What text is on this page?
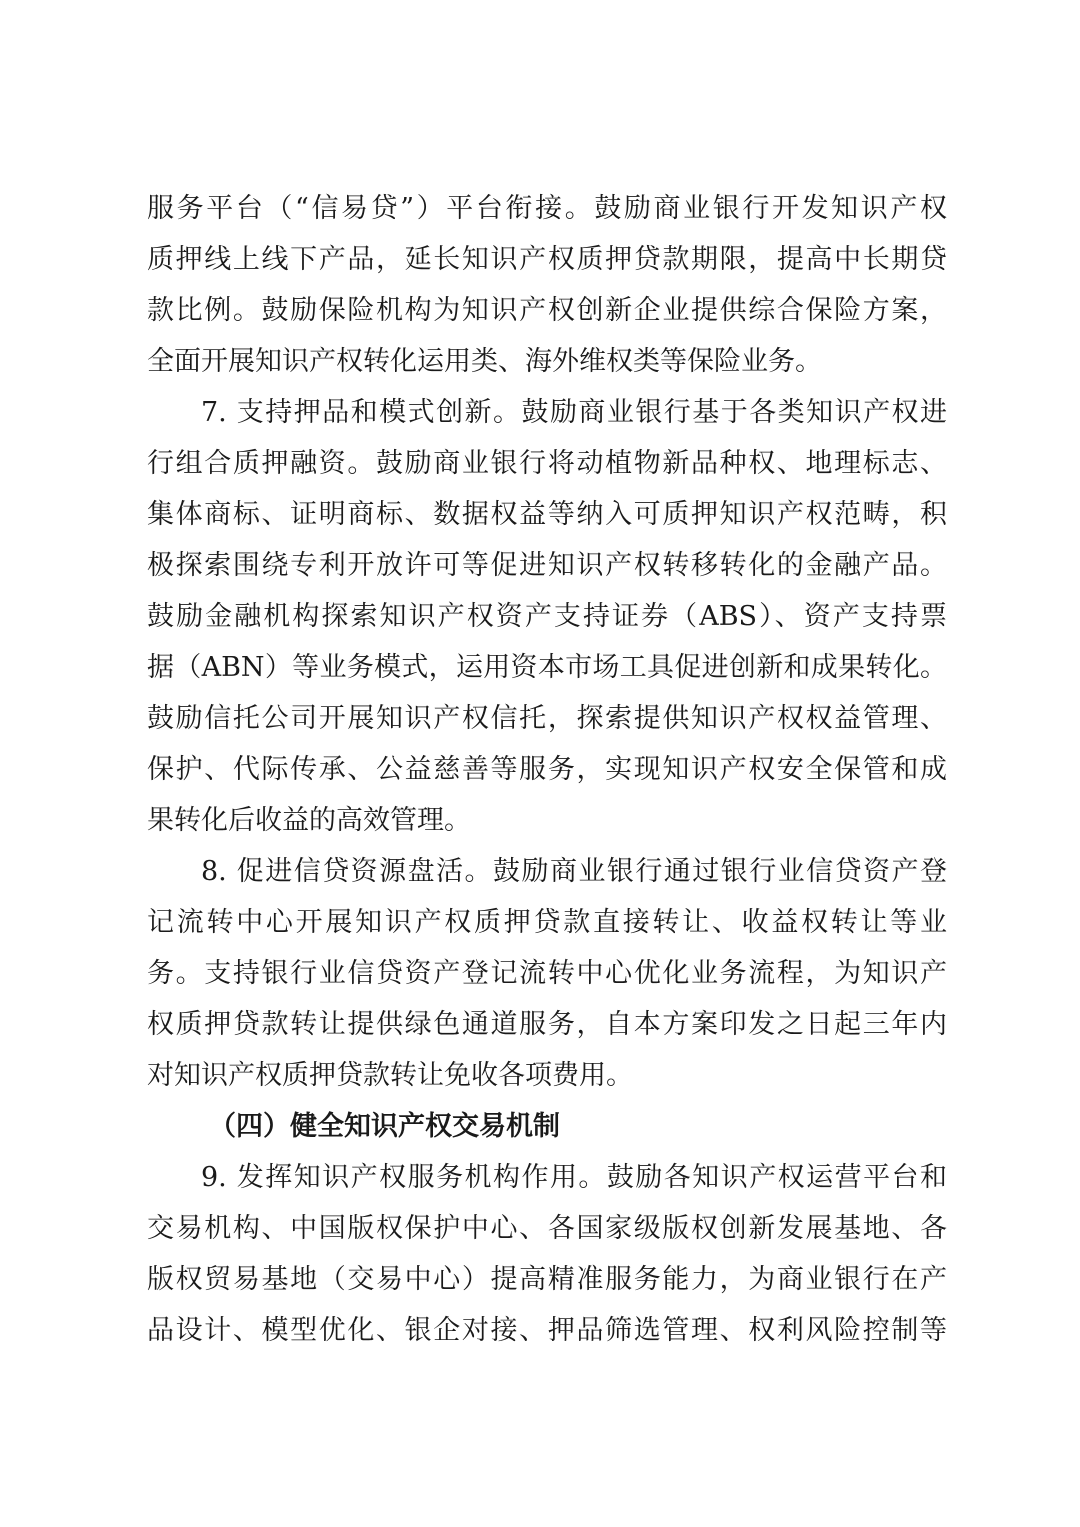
服务平台（“信易贷”）平台衔接。鼓励商业银行开发知识产权
质押线上线下产品，延长知识产权质押贷款期限，提高中长期贷
款比例。鼓励保险机构为知识产权创新企业提供综合保险方案，
全面开展知识产权转化运用类、海外维权类等保险业务。
7. 支持押品和模式创新。鼓励商业银行基于各类知识产权进
行组合质押融资。鼓励商业银行将动植物新品种权、地理标志、
集体商标、证明商标、数据权益等纳入可质押知识产权范畴，积
极探索围绕专利开放许可等促进知识产权转移转化的金融产品。
鼓励金融机构探索知识产权资产支持证券（ABS）、资产支持票
据（ABN）等业务模式，运用资本市场工具促进创新和成果转化。
鼓励信托公司开展知识产权信托，探索提供知识产权权益管理、
保护、代际传承、公益慈善等服务，实现知识产权安全保管和成
果转化后收益的高效管理。
8. 促进信贷资源盘活。鼓励商业银行通过银行业信贷资产登
记流转中心开展知识产权质押贷款直接转让、收益权转让等业
务。支持银行业信贷资产登记流转中心优化业务流程，为知识产
权质押贷款转让提供绿色通道服务，自本方案印发之日起三年内
对知识产权质押贷款转让免收各项费用。
（四）健全知识产权交易机制
9. 发挥知识产权服务机构作用。鼓励各知识产权运营平台和
交易机构、中国版权保护中心、各国家级版权创新发展基地、各
版权贸易基地（交易中心）提高精准服务能力，为商业银行在产
品设计、模型优化、银企对接、押品筛选管理、权利风险控制等
